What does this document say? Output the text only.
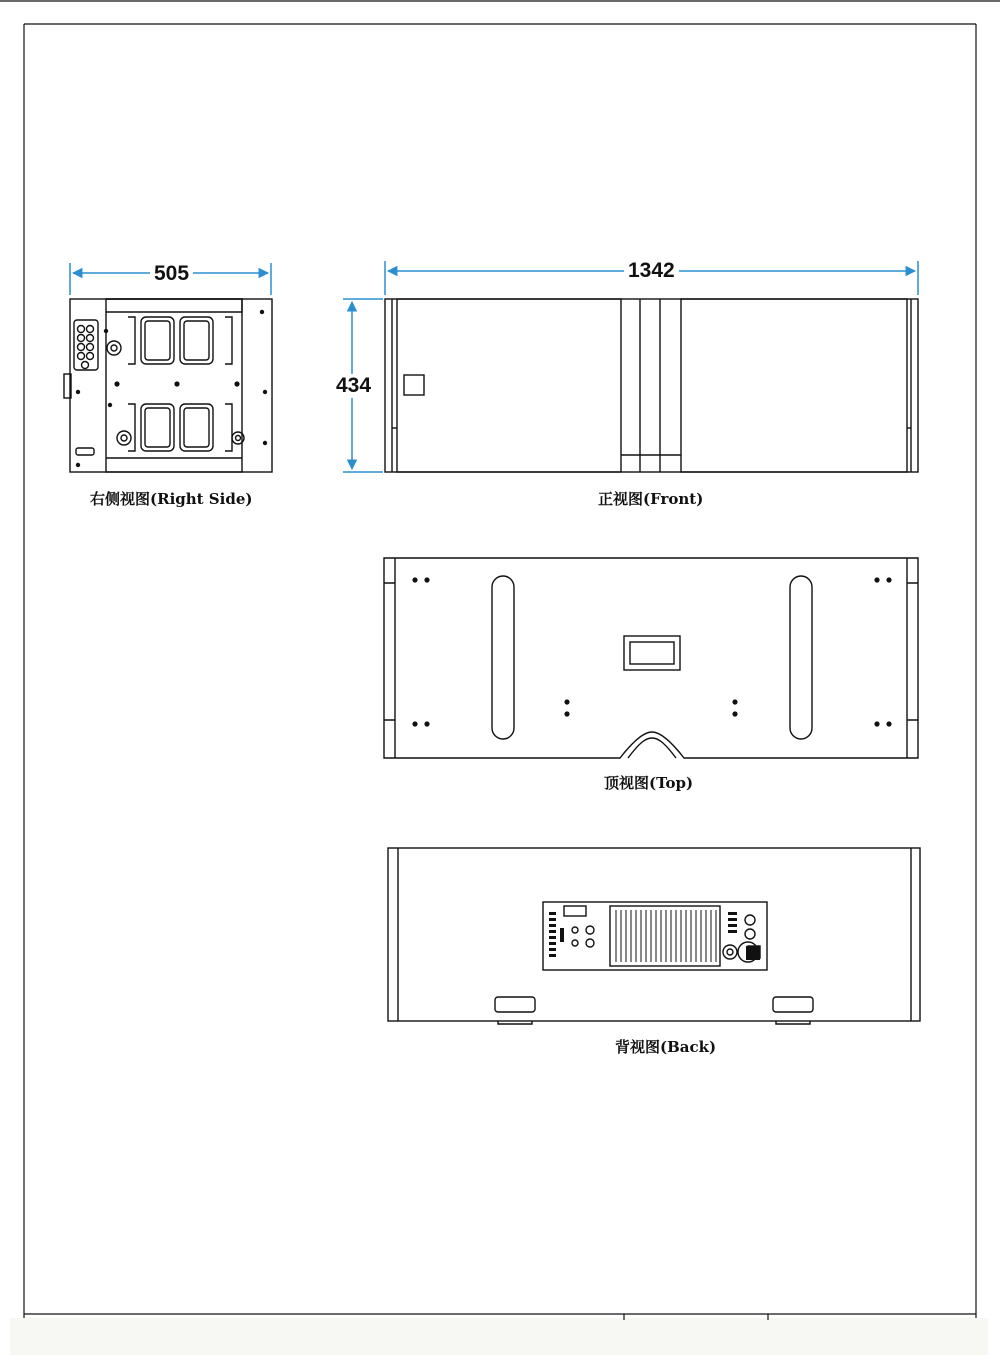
505	1342
434
右侧视图(Right Side)	正视图(Front)
顶视图(Top)
背视图(Back)
